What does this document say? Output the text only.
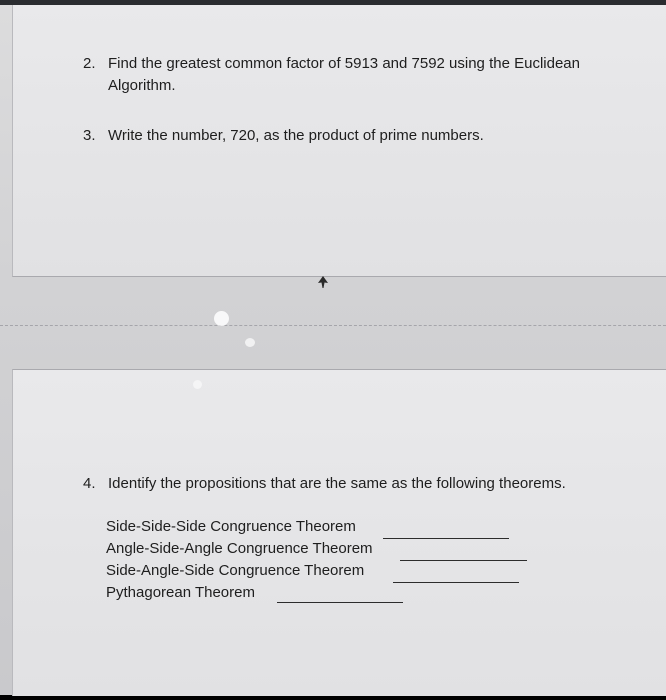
2. Find the greatest common factor of 5913 and 7592 using the Euclidean
Algorithm.
3. Write the number, 720, as the product of prime numbers.
4. Identify the propositions that are the same as the following theorems.
Side-Side-Side Congruence Theorem
Angle-Side-Angle Congruence Theorem
Side-Angle-Side Congruence Theorem
Pythagorean Theorem
